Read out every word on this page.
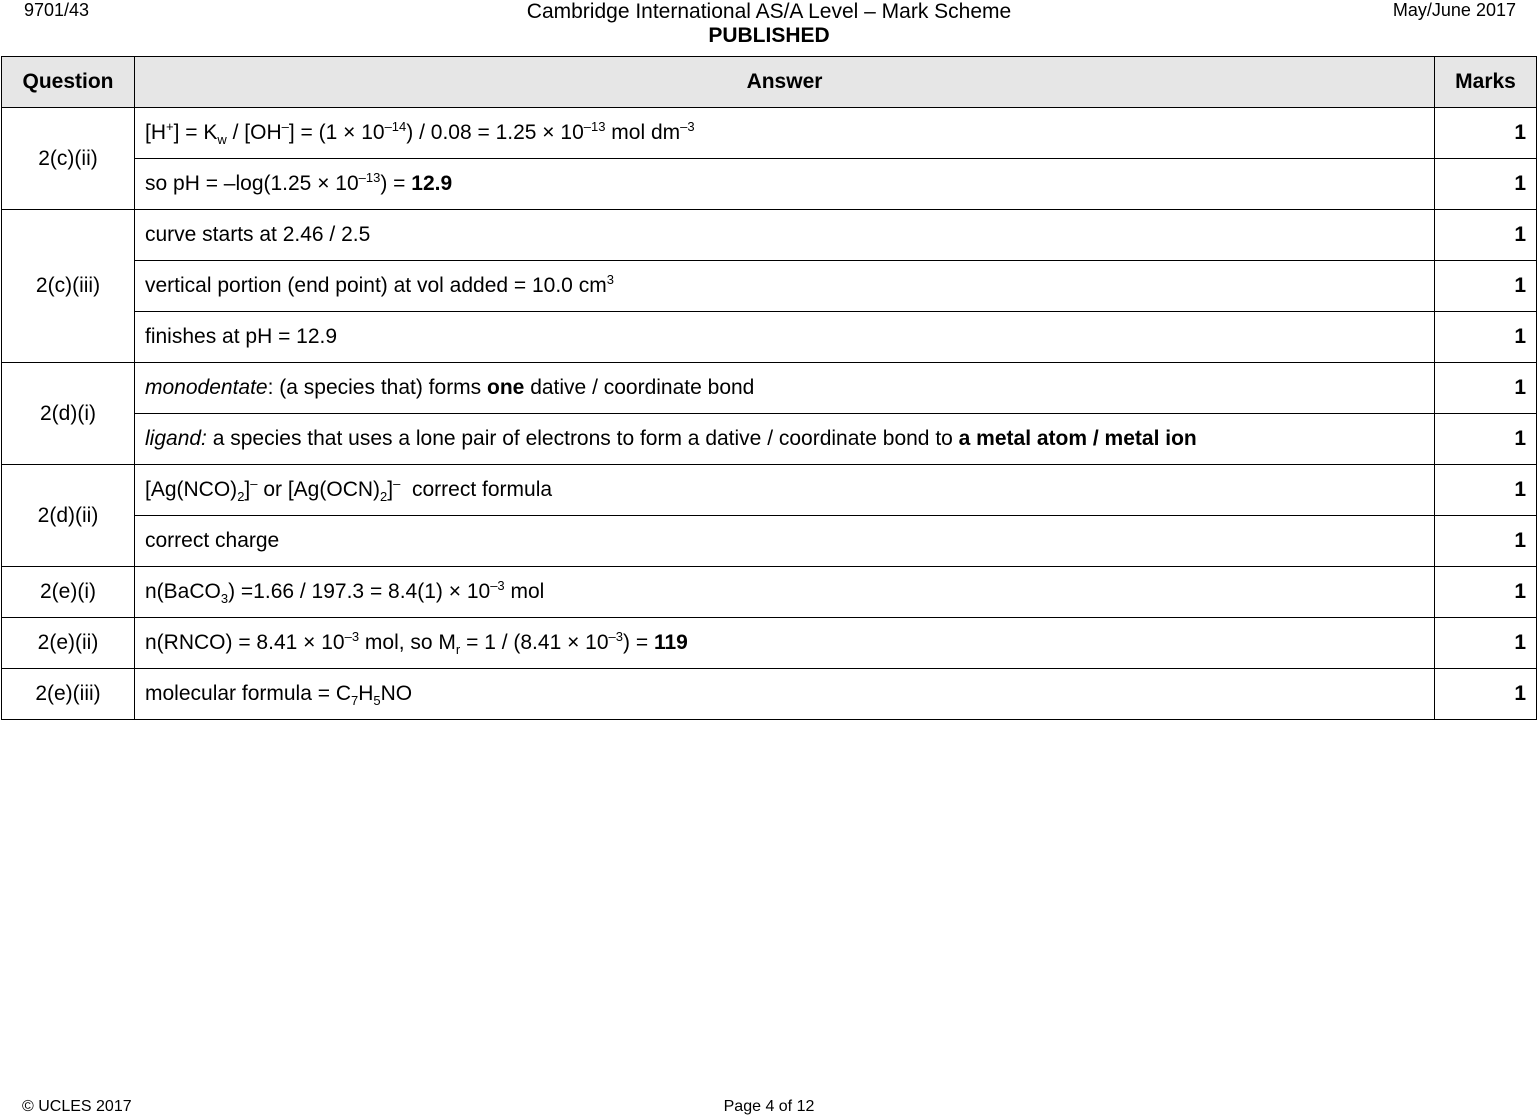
9701/43	Cambridge International AS/A Level – Mark Scheme
PUBLISHED
May/June 2017
Question	Answer	Marks
2(c)(ii)	$[H^+] = K_w / [OH^-] = (1 \times 10^{-14}) / 0.08 = 1.25 \times 10^{-13}$ mol $dm^{-3}$	1
	so pH = $-\log(1.25 \times 10^{-13}) = 12.9$	1
2(c)(iii)	curve starts at 2.46 / 2.5	1
	vertical portion (end point) at vol added = 10.0 $cm^3$	1
	finishes at pH = 12.9	1
2(d)(i)	monodentate: (a species that) forms one dative / coordinate bond	1
	ligand: a species that uses a lone pair of electrons to form a dative / coordinate bond to a metal atom / metal ion	1
2(d)(ii)	$[Ag(NCO)_2]^-$ or $[Ag(OCN)_2]^-$  correct formula	1
	correct charge	1
2(e)(i)	n(BaCO$_3$) $=1.66 / 197.3 = 8.4(1) \times 10^{-3}$ mol	1
2(e)(ii)	n(RNCO) = $8.41 \times 10^{-3}$ mol, so $M_r = 1 / (8.41 \times 10^{-3}) = 119$	1
2(e)(iii)	molecular formula = $C_7H_5NO$	1
© UCLES 2017	Page 4 of 12
